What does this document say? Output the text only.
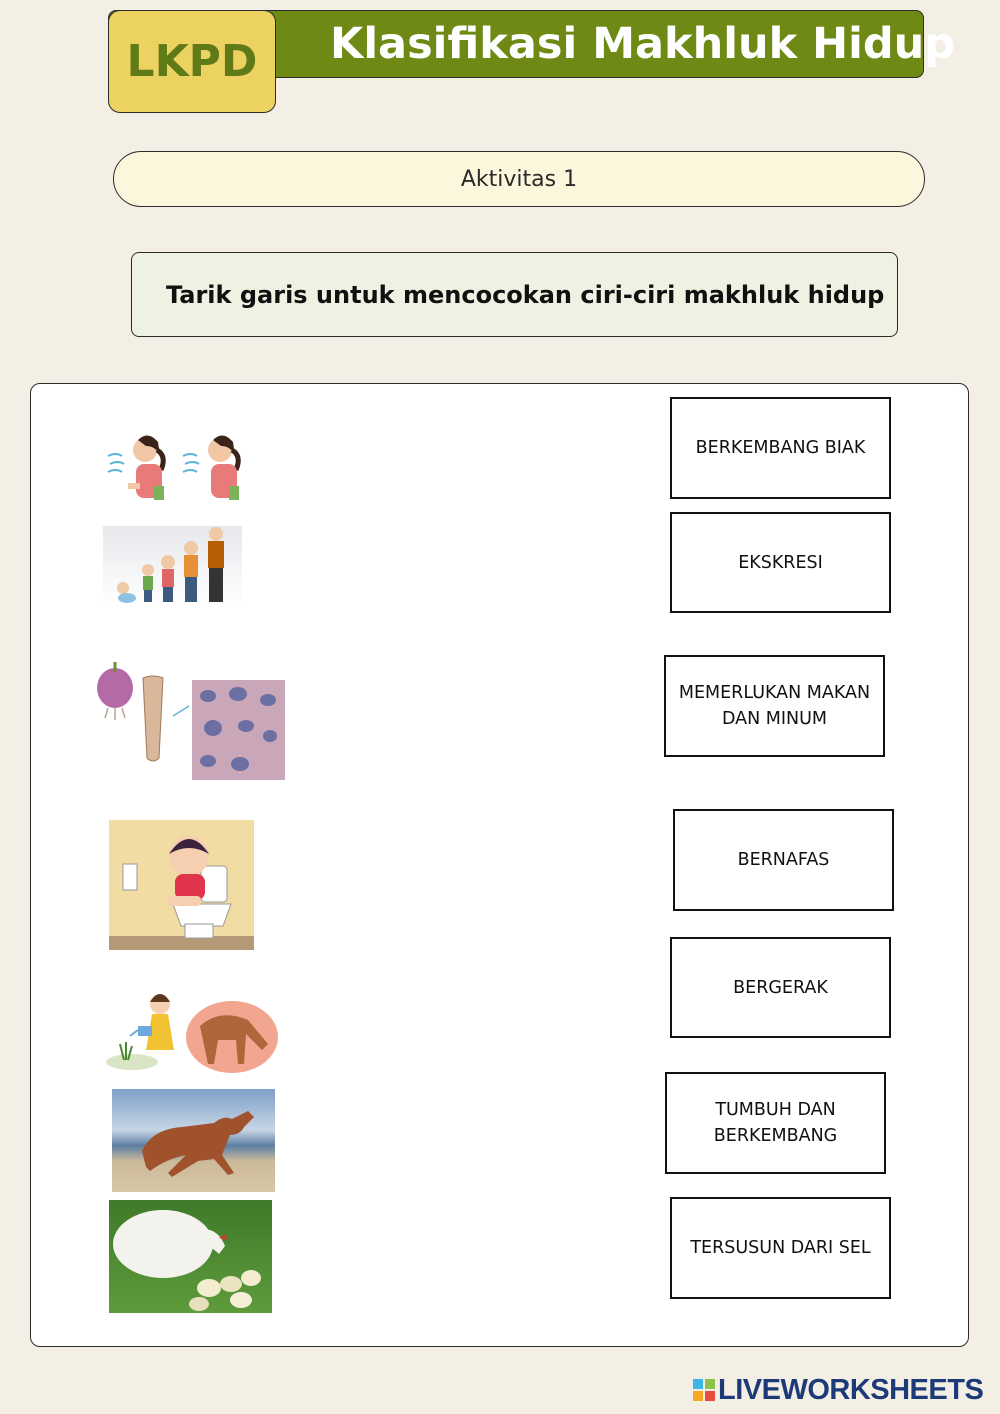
Klasifikasi Makhluk Hidup
LKPD
Aktivitas 1
Tarik garis untuk mencocokan ciri-ciri makhluk hidup
BERKEMBANG BIAK
EKSKRESI
MEMERLUKAN MAKAN DAN MINUM
BERNAFAS
BERGERAK
TUMBUH DAN BERKEMBANG
TERSUSUN DARI SEL
LIVEWORKSHEETS
